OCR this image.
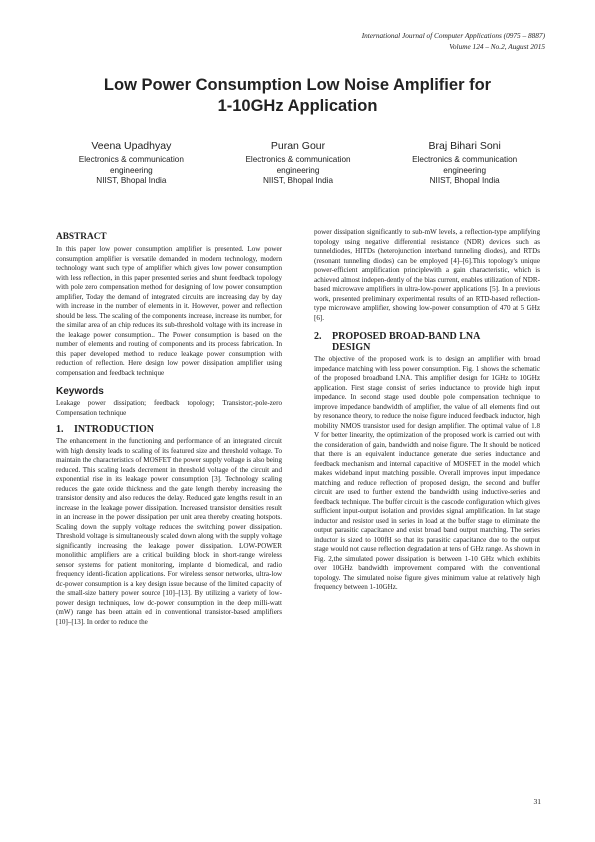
International Journal of Computer Applications (0975 – 8887)
Volume 124 – No.2, August 2015
Low Power Consumption Low Noise Amplifier for
1-10GHz Application
Veena Upadhyay
Electronics & communication
engineering
NIIST, Bhopal India
Puran Gour
Electronics & communication
engineering
NIIST, Bhopal India
Braj Bihari Soni
Electronics & communication
engineering
NIIST, Bhopal India
ABSTRACT

In this paper low power consumption amplifier is presented. Low power consumption amplifier is versatile demanded in modern technology, modern technology want such type of amplifier which gives low power consumption with less reflection, in this paper presented series and shunt feedback topology with pole zero compensation method for designing of low power consumption amplifier, Today the demand of integrated circuits are increasing day by day with increase in the number of elements in it. However, power and reflection should be less. The scaling of the components increase, increase its number, for the similar area of an chip reduces its sub-threshold voltage with its increase in the leakage power consumption.. The Power consumption is based on the number of elements and routing of components and its process fabrication. In this paper developed method to reduce leakage power consumption with reduction of reflection. Here design low power dissipation amplifier using compensation and feedback technique

Keywords

Leakage power dissipation; feedback topology; Transistor;-pole-zero Compensation technique

1.	INTRODUCTION

The enhancement in the functioning and performance of an integrated circuit with high density leads to scaling of its featured size and threshold voltage. To maintain the characteristics of MOSFET the power supply voltage is also being reduced. This scaling leads decrement in threshold voltage of the circuit and exponential rise in its leakage power consumption [3]. Technology scaling reduces the gate oxide thickness and the gate length thereby increasing the transistor density and also reduces the delay. Reduced gate lengths result in an increase in the leakage power dissipation. Increased transistor densities result in an increase in the power dissipation per unit area thereby creating hotspots. Scaling down the supply voltage reduces the switching power dissipation. Threshold voltage is simultaneously scaled down along with the supply voltage significantly increasing the leakage power dissipation. LOW-POWER monolithic amplifiers are a critical building block in short-range wireless sensor systems for patient monitoring, implante d biomedical, and radio frequency identi-fication applications. For wireless sensor networks, ultra-low dc-power consumption is a key design issue because of the limited capacity of the small-size battery power source [10]–[13]. By utilizing a variety of low-power design techniques, low dc-power consumption in the deep milli-watt (mW) range has been attain ed in conventional transistor-based amplifiers [10]–[13]. In order to reduce the

power dissipation significantly to sub-mW levels, a reflection-type amplifying topology using negative differential resistance (NDR) devices such as tunneldiodes, HITDs (heterojunction interband tunneling diodes), and RTDs (resonant tunneling diodes) can be employed [4]–[6].This topology's unique power-efficient amplification principlewith a gain characteristic, which is achieved almost indepen-dently of the bias current, enables utilization of NDR-based microwave amplifiers in ultra-low-power applications [5]. In a previous work, presented preliminary experimental results of an RTD-based reflection-type microwave amplifier, showing low-power consumption of 470 at 5 GHz [6].

2.	PROPOSED BROAD-BAND LNA
DESIGN

The objective of the proposed work is to design an amplifier with broad impedance matching with less power consumption. Fig. 1 shows the schematic of the proposed broadband LNA. This amplifier design for 1GHz to 10GHz application. First stage consist of series inductance to provide high input impedance. In second stage used double pole compensation technique to improve impedance bandwidth of amplifier, the value of all elements find out by resonance theory, to reduce the noise figure induced feedback inductor, high mobility NMOS transistor used for design amplifier. The optimal value of 1.8 V for better linearity, the optimization of the proposed work is carried out with the consideration of gain, bandwidth and noise figure. The It should be noticed that there is an equivalent inductance generate due series inductance and feedback mechanism and internal capacitive of MOSFET in the model which makes wideband input matching possible. Overall improves input impedance matching and reduce reflection of proposed design, the second and buffer circuit are used to further extend the bandwidth using inductive-series and feedback technique. The buffer circuit is the cascode configuration which gives sufficient input-output isolation and provides signal amplification. In lat stage inductor and resistor used in series in load at the buffer stage to eliminate the output parasitic capacitance and exist broad band output matching. The series inductor is sized to 100fH so that its parasitic capacitance due to the output stage would not cause reflection degradation at tens of GHz range. As shown in Fig. 2,the simulated power dissipation is between 1-10 GHz which exhibits over 10GHz bandwidth improvement compared with the conventional topology. The simulated noise figure gives minimum value at relatively high frequency between 1-10GHz.

31
